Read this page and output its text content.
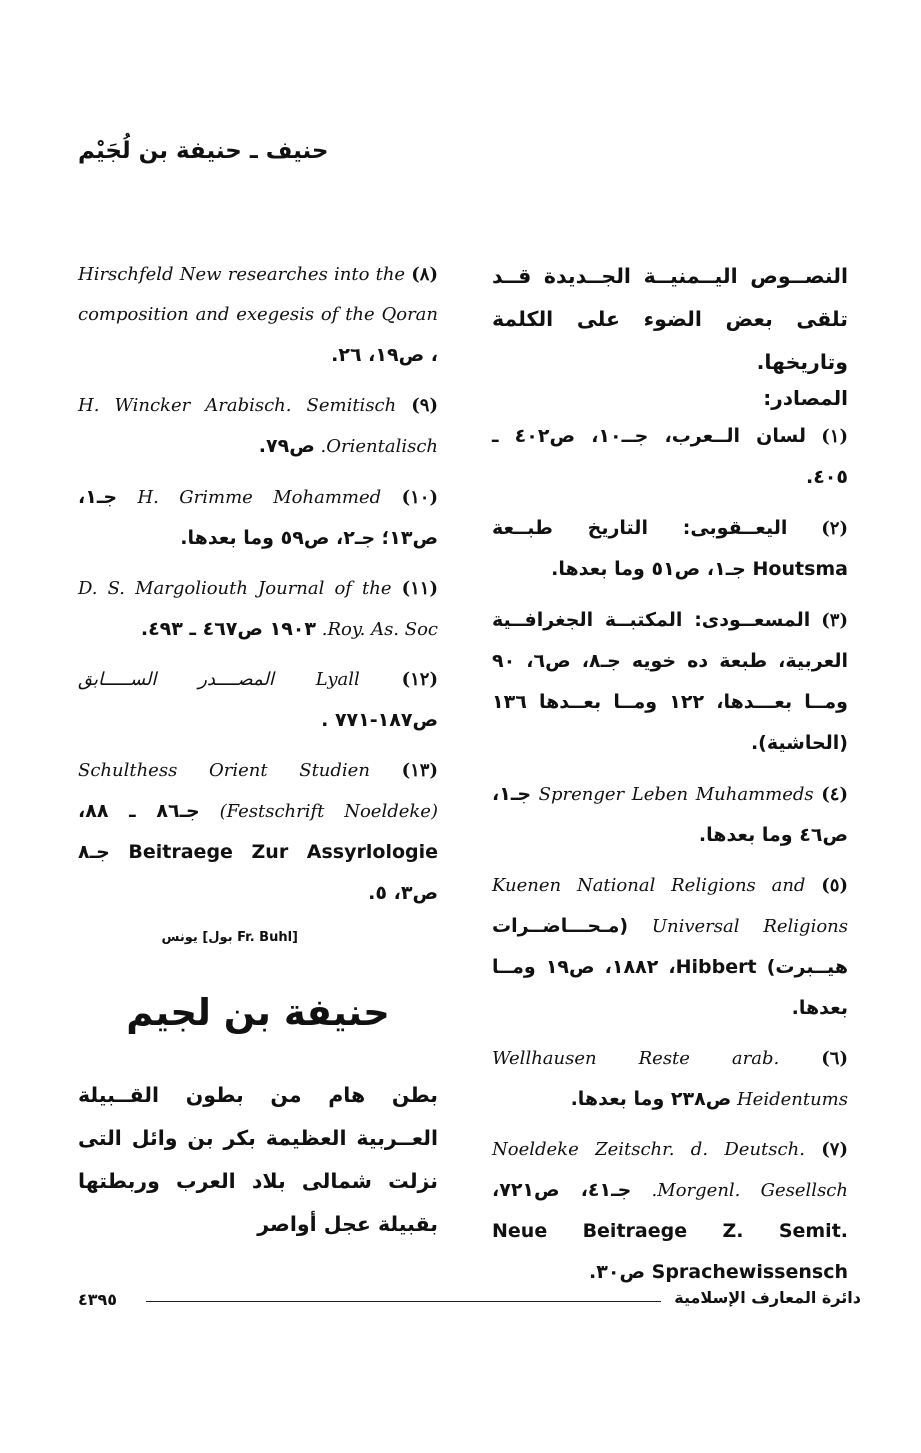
حنيف ـ حنيفة بن لُجَيْم
النصــوص اليــمنيــة الجــديدة قــد تلقى بعض الضوء على الكلمة وتاريخها.
المصادر:
(١) لسان الــعرب، جــ١٠، ص٤٠٢ ـ ٤٠٥.
(٢) اليعــقوبى: التاريخ طبــعة Houtsma جـ١، ص٥١ وما بعدها.
(٣) المسعــودى: المكتبــة الجغرافــية العربية، طبعة ده خويه جـ٨، ص٦، ٩٠ ومــا بعـــدها، ١٢٢ ومــا بعــدها ١٣٦ (الحاشية).
(٤) Sprenger Leben Muhammeds جـ١، ص٤٦ وما بعدها.
(٥) Kuenen National Religions and Universal Religions (مـحـــاضــرات هيــبرت) Hibbert، ١٨٨٢، ص١٩ ومــا بعدها.
(٦) Wellhausen Reste arab. Heidentums ص٢٣٨ وما بعدها.
(٧) Noeldeke Zeitschr. d. Deutsch. Morgenl. Gesellsch. جـ٤١، ص٧٢١، Neue Beitraege Z. Semit. Sprachewissensch ص٣٠.
(٨) Hirschfeld New researches into the composition and exegesis of the Qoran ، ص١٩، ٢٦.
(٩) H. Wincker Arabisch. Semitisch Orientalisch. ص٧٩.
(١٠) H. Grimme Mohammed جـ١، ص١٣؛ جـ٢، ص٥٩ وما بعدها.
(١١) D. S. Margoliouth Journal of the Roy. As. Soc. ١٩٠٣ ص٤٦٧ ـ ٤٩٣.
(١٢) Lyall المصــــدر الســـــابق ص١٨٧-٧٧١ .
(١٣) Schulthess Orient Studien (Festschrift Noeldeke) جـ٨٦ ـ ٨٨، Beitraege Zur Assyrlologie جـ٨ ص٣، ٥.
يونس [بول Fr. Buhl]
حنيفة بن لجيم
بطن هام من بطون القــبيلة العــربية العظيمة بكر بن وائل التى نزلت شمالى بلاد العرب وربطتها بقبيلة عجل أواصر
دائرة المعارف الإسلامية
٤٣٩٥
